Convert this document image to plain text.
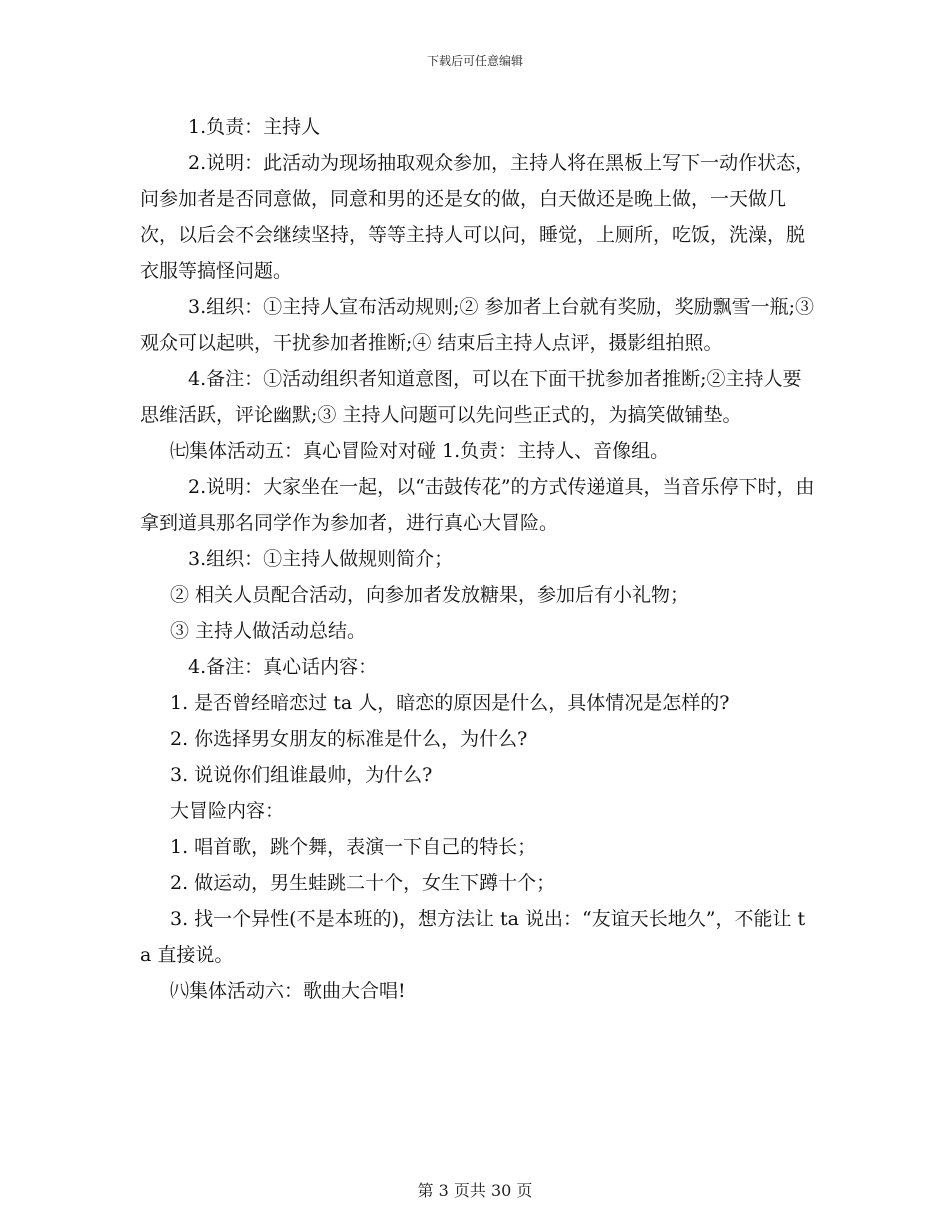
下载后可任意编辑

1.负责：主持人

2.说明：此活动为现场抽取观众参加，主持人将在黑板上写下一动作状态，问参加者是否同意做，同意和男的还是女的做，白天做还是晚上做，一天做几次，以后会不会继续坚持，等等主持人可以问，睡觉，上厕所，吃饭，洗澡，脱衣服等搞怪问题。

3.组织：①主持人宣布活动规则;② 参加者上台就有奖励，奖励飘雪一瓶;③ 观众可以起哄，干扰参加者推断;④ 结束后主持人点评，摄影组拍照。

4.备注：①活动组织者知道意图，可以在下面干扰参加者推断;②主持人要思维活跃，评论幽默;③ 主持人问题可以先问些正式的，为搞笑做铺垫。

㈦集体活动五：真心冒险对对碰 1.负责：主持人、音像组。

2.说明：大家坐在一起，以“击鼓传花”的方式传递道具，当音乐停下时，由拿到道具那名同学作为参加者，进行真心大冒险。

3.组织：①主持人做规则简介；

② 相关人员配合活动，向参加者发放糖果，参加后有小礼物；

③ 主持人做活动总结。

4.备注：真心话内容：

1. 是否曾经暗恋过 ta 人，暗恋的原因是什么，具体情况是怎样的?

2. 你选择男女朋友的标准是什么，为什么?

3. 说说你们组谁最帅，为什么?

大冒险内容：

1. 唱首歌，跳个舞，表演一下自己的特长；

2. 做运动，男生蛙跳二十个，女生下蹲十个；

3. 找一个异性(不是本班的)，想方法让 ta 说出：“友谊天长地久”，不能让 ta 直接说。

㈧集体活动六：歌曲大合唱!

第 3 页共 30 页
